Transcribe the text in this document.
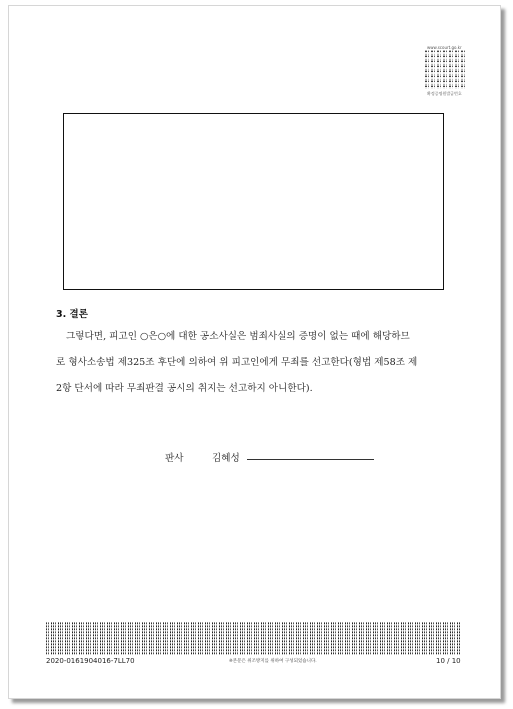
www.scourt.go.kr
확정증명원발급번호
3. 결론
그렇다면, 피고인 ○은○에 대한 공소사실은 범죄사실의 증명이 없는 때에 해당하므
로 형사소송법 제325조 후단에 의하여 위 피고인에게 무죄를 선고한다(형법 제58조 제
2항 단서에 따라 무죄판결 공시의 취지는 선고하지 아니한다).
판사	김혜성
2020-0161904016-7LL70	※본문은 위조방지를 위하여 구성되었습니다.	10 / 10
